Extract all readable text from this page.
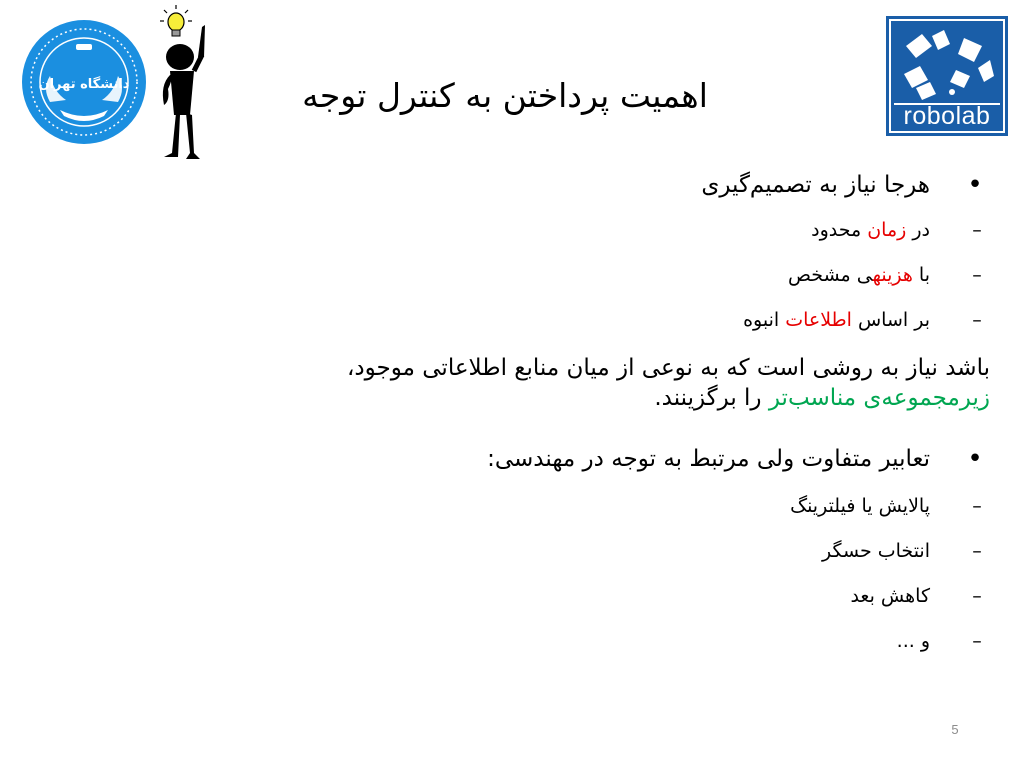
دانشگاه تهران
robolab
اهمیت پرداختن به کنترل توجه
•
هرجا نیاز به تصمیم‌گیری
–
در زمان محدود
–
با هزینهی مشخص
–
بر اساس اطلاعات انبوه
باشد نیاز به روشی است که به نوعی از میان منابع اطلاعاتی موجود،
زیرمجموعه‌ی مناسب‌تر را برگزینند.
•
تعابیر متفاوت ولی مرتبط به توجه در مهندسی:
–
پالایش یا فیلترینگ
–
انتخاب حسگر
–
کاهش بعد
–
و ...
5
